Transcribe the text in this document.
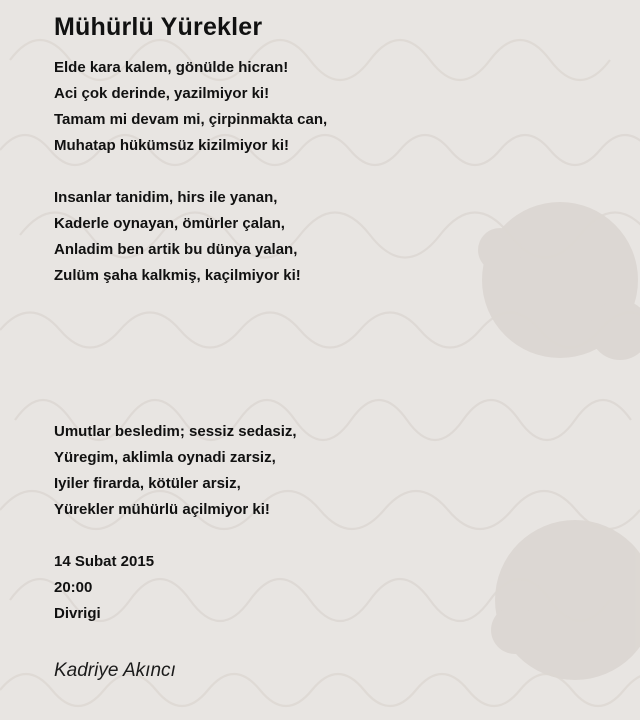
Mühürlü Yürekler
Elde kara kalem, gönülde hicran!
Aci çok derinde, yazilmiyor ki!
Tamam mi devam mi, çirpinmakta can,
Muhatap hükümsüz kizilmiyor ki!
Insanlar tanidim, hirs ile yanan,
Kaderle oynayan, ömürler çalan,
Anladim ben artik bu dünya yalan,
Zulüm şaha kalkmiş, kaçilmiyor ki!
Umutlar besledim; sessiz sedasiz,
Yüregim, aklimla oynadi zarsiz,
Iyiler firarda, kötüler arsiz,
Yürekler mühürlü açilmiyor ki!
14 Subat 2015
20:00
Divrigi
Kadriye Akıncı
